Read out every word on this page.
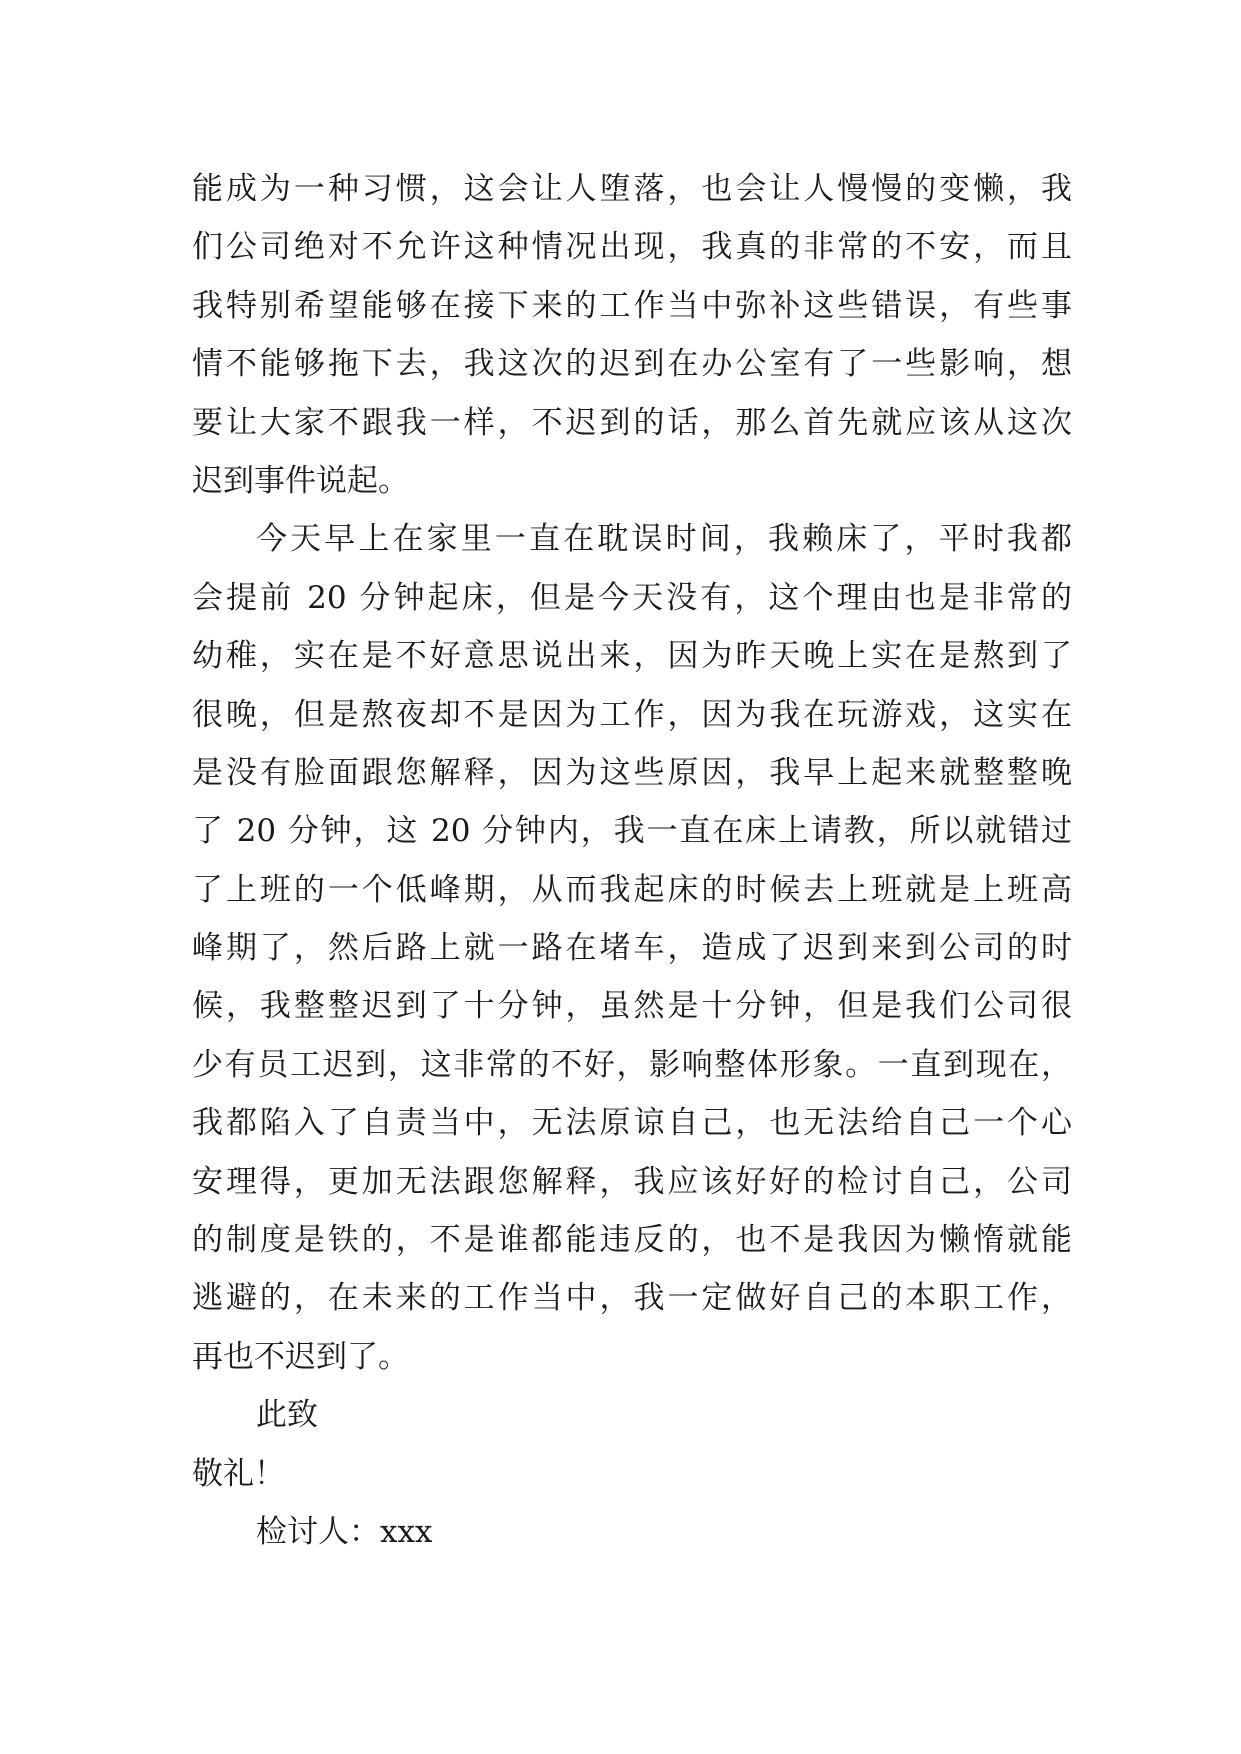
能成为一种习惯，这会让人堕落，也会让人慢慢的变懒，我
们公司绝对不允许这种情况出现，我真的非常的不安，而且
我特别希望能够在接下来的工作当中弥补这些错误，有些事
情不能够拖下去，我这次的迟到在办公室有了一些影响，想
要让大家不跟我一样，不迟到的话，那么首先就应该从这次
迟到事件说起。
今天早上在家里一直在耽误时间，我赖床了，平时我都
会提前 20 分钟起床，但是今天没有，这个理由也是非常的
幼稚，实在是不好意思说出来，因为昨天晚上实在是熬到了
很晚，但是熬夜却不是因为工作，因为我在玩游戏，这实在
是没有脸面跟您解释，因为这些原因，我早上起来就整整晚
了 20 分钟，这 20 分钟内，我一直在床上请教，所以就错过
了上班的一个低峰期，从而我起床的时候去上班就是上班高
峰期了，然后路上就一路在堵车，造成了迟到来到公司的时
候，我整整迟到了十分钟，虽然是十分钟，但是我们公司很
少有员工迟到，这非常的不好，影响整体形象。一直到现在，
我都陷入了自责当中，无法原谅自己，也无法给自己一个心
安理得，更加无法跟您解释，我应该好好的检讨自己，公司
的制度是铁的，不是谁都能违反的，也不是我因为懒惰就能
逃避的，在未来的工作当中，我一定做好自己的本职工作，
再也不迟到了。
此致
敬礼！
检讨人：xxx
